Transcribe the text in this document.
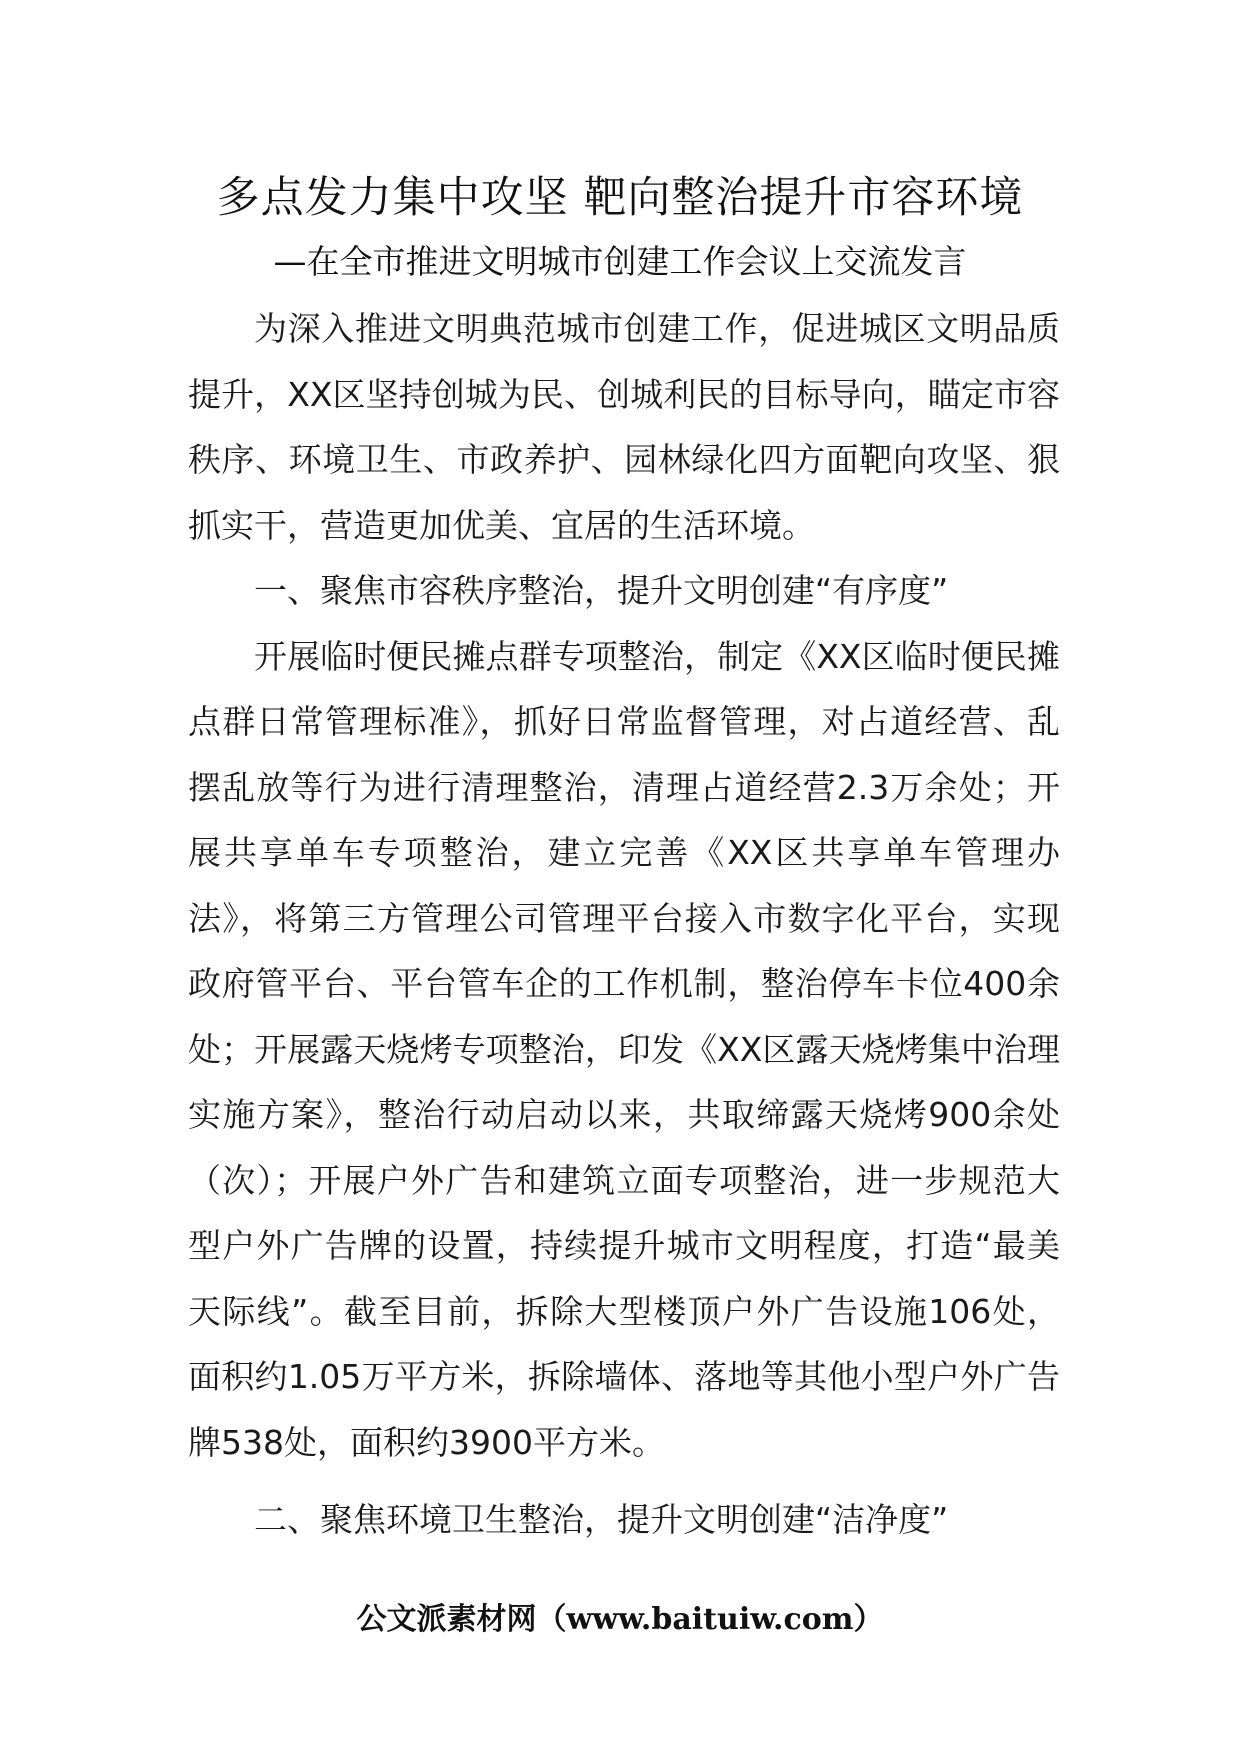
多点发力集中攻坚 靶向整治提升市容环境
—在全市推进文明城市创建工作会议上交流发言

为深入推进文明典范城市创建工作，促进城区文明品质提升，XX区坚持创城为民、创城利民的目标导向，瞄定市容秩序、环境卫生、市政养护、园林绿化四方面靶向攻坚、狠抓实干，营造更加优美、宜居的生活环境。

一、聚焦市容秩序整治，提升文明创建“有序度”

开展临时便民摊点群专项整治，制定《XX区临时便民摊点群日常管理标准》，抓好日常监督管理，对占道经营、乱摆乱放等行为进行清理整治，清理占道经营2.3万余处；开展共享单车专项整治，建立完善《XX区共享单车管理办法》，将第三方管理公司管理平台接入市数字化平台，实现政府管平台、平台管车企的工作机制，整治停车卡位400余处；开展露天烧烤专项整治，印发《XX区露天烧烤集中治理实施方案》，整治行动启动以来，共取缔露天烧烤900余处（次）；开展户外广告和建筑立面专项整治，进一步规范大型户外广告牌的设置，持续提升城市文明程度，打造“最美天际线”。截至目前，拆除大型楼顶户外广告设施106处，面积约1.05万平方米，拆除墙体、落地等其他小型户外广告牌538处，面积约3900平方米。

二、聚焦环境卫生整治，提升文明创建“洁净度”

公文派素材网（www.baituiw.com）
